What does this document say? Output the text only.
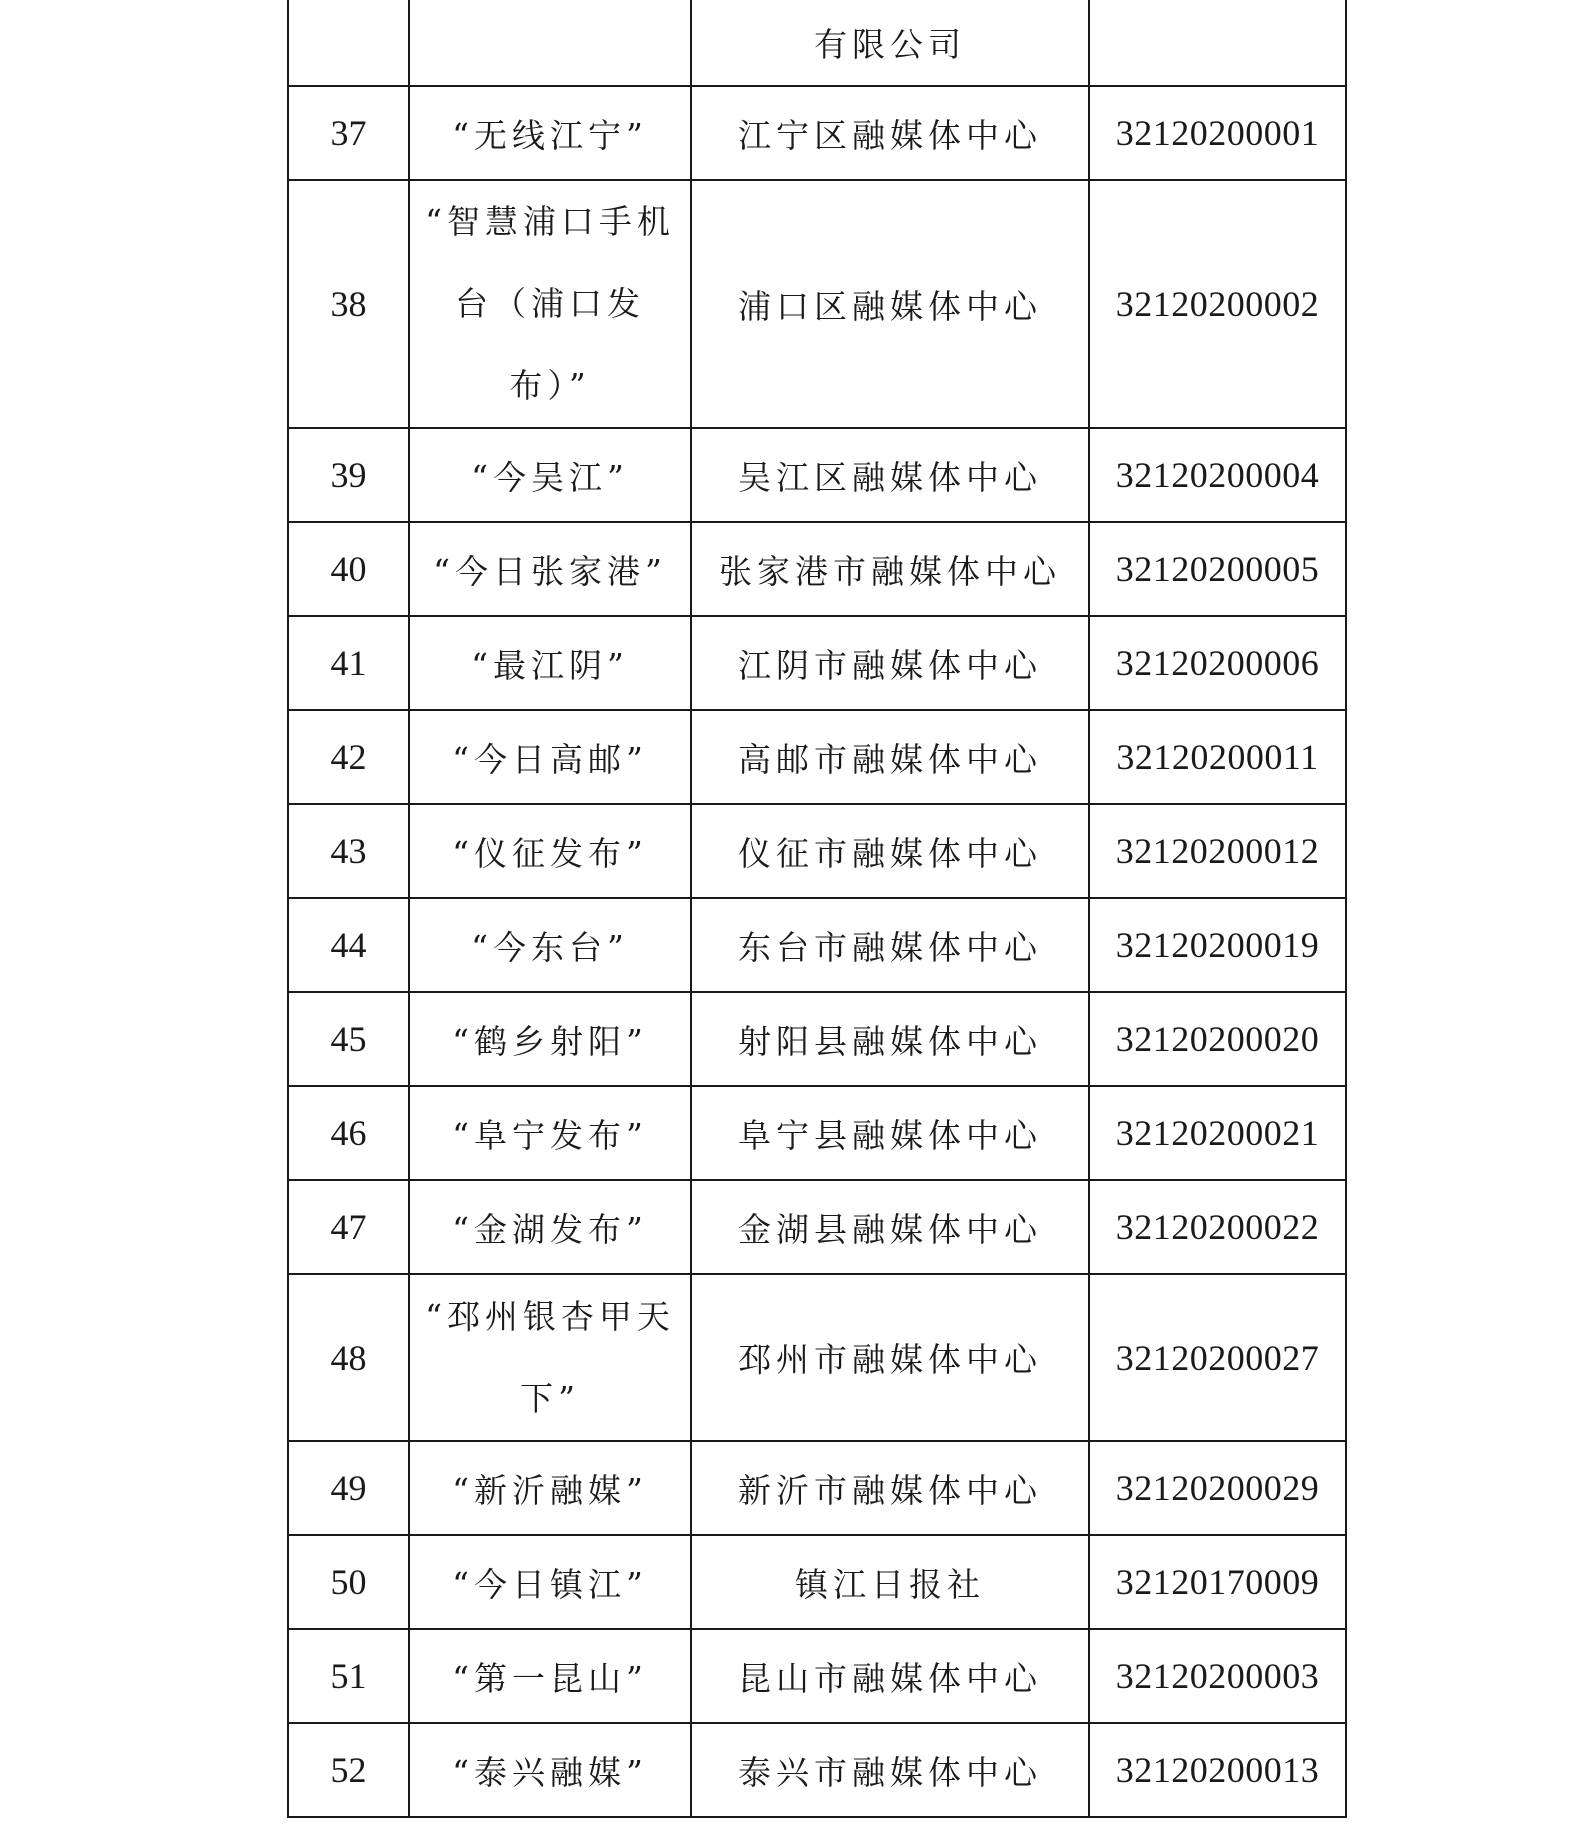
		有限公司	
37	“无线江宁”	江宁区融媒体中心	32120200001
38	“智慧浦口手机台（浦口发布）”	浦口区融媒体中心	32120200002
39	“今吴江”	吴江区融媒体中心	32120200004
40	“今日张家港”	张家港市融媒体中心	32120200005
41	“最江阴”	江阴市融媒体中心	32120200006
42	“今日高邮”	高邮市融媒体中心	32120200011
43	“仪征发布”	仪征市融媒体中心	32120200012
44	“今东台”	东台市融媒体中心	32120200019
45	“鹤乡射阳”	射阳县融媒体中心	32120200020
46	“阜宁发布”	阜宁县融媒体中心	32120200021
47	“金湖发布”	金湖县融媒体中心	32120200022
48	“邳州银杏甲天下”	邳州市融媒体中心	32120200027
49	“新沂融媒”	新沂市融媒体中心	32120200029
50	“今日镇江”	镇江日报社	32120170009
51	“第一昆山”	昆山市融媒体中心	32120200003
52	“泰兴融媒”	泰兴市融媒体中心	32120200013
